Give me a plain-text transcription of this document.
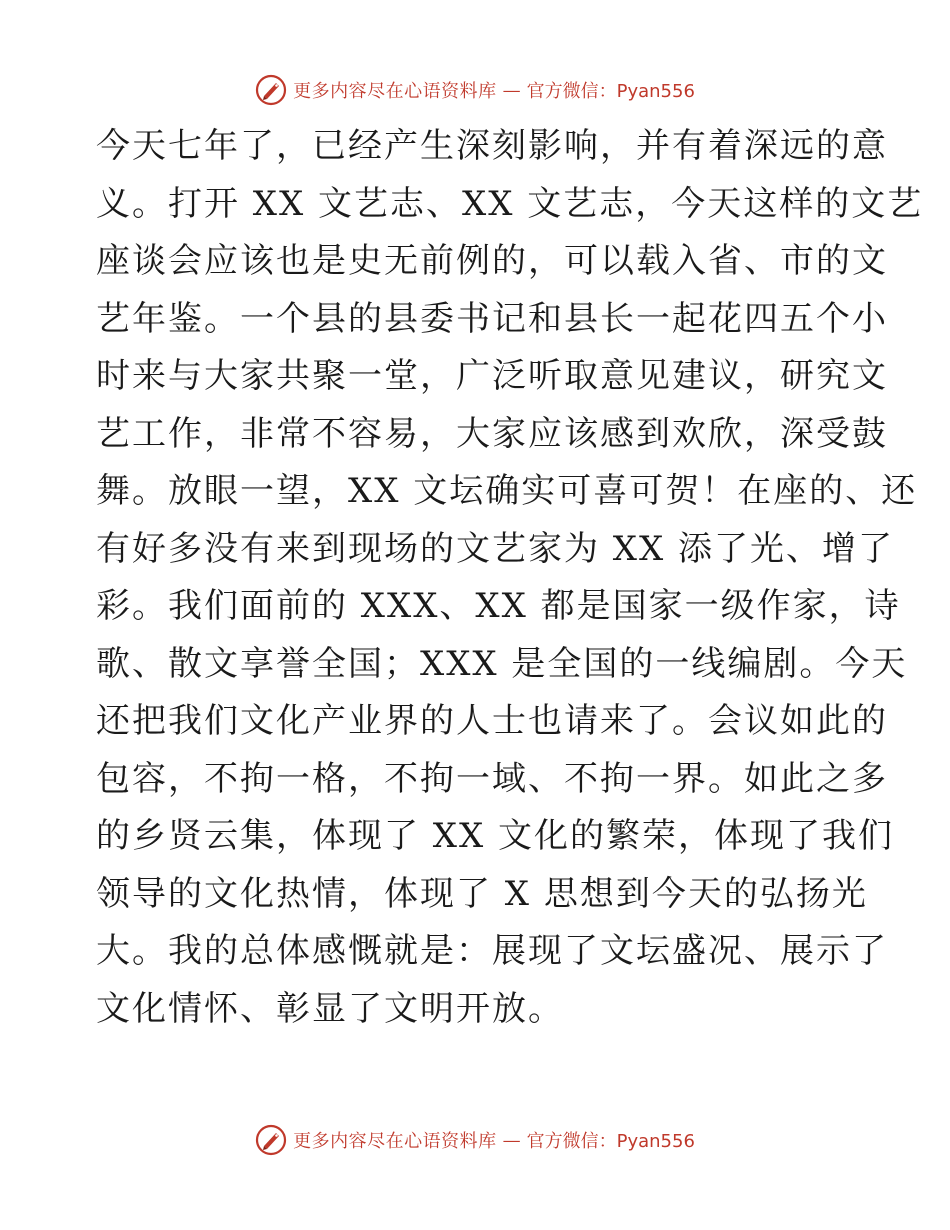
更多内容尽在心语资料库 — 官方微信：Pyan556
今天七年了，已经产生深刻影响，并有着深远的意
义。打开 XX 文艺志、XX 文艺志，今天这样的文艺
座谈会应该也是史无前例的，可以载入省、市的文
艺年鉴。一个县的县委书记和县长一起花四五个小
时来与大家共聚一堂，广泛听取意见建议，研究文
艺工作，非常不容易，大家应该感到欢欣，深受鼓
舞。放眼一望，XX 文坛确实可喜可贺！在座的、还
有好多没有来到现场的文艺家为 XX 添了光、增了
彩。我们面前的 XXX、XX 都是国家一级作家，诗
歌、散文享誉全国；XXX 是全国的一线编剧。今天
还把我们文化产业界的人士也请来了。会议如此的
包容，不拘一格，不拘一域、不拘一界。如此之多
的乡贤云集，体现了 XX 文化的繁荣，体现了我们
领导的文化热情，体现了 X 思想到今天的弘扬光
大。我的总体感慨就是：展现了文坛盛况、展示了
文化情怀、彰显了文明开放。
更多内容尽在心语资料库 — 官方微信：Pyan556
